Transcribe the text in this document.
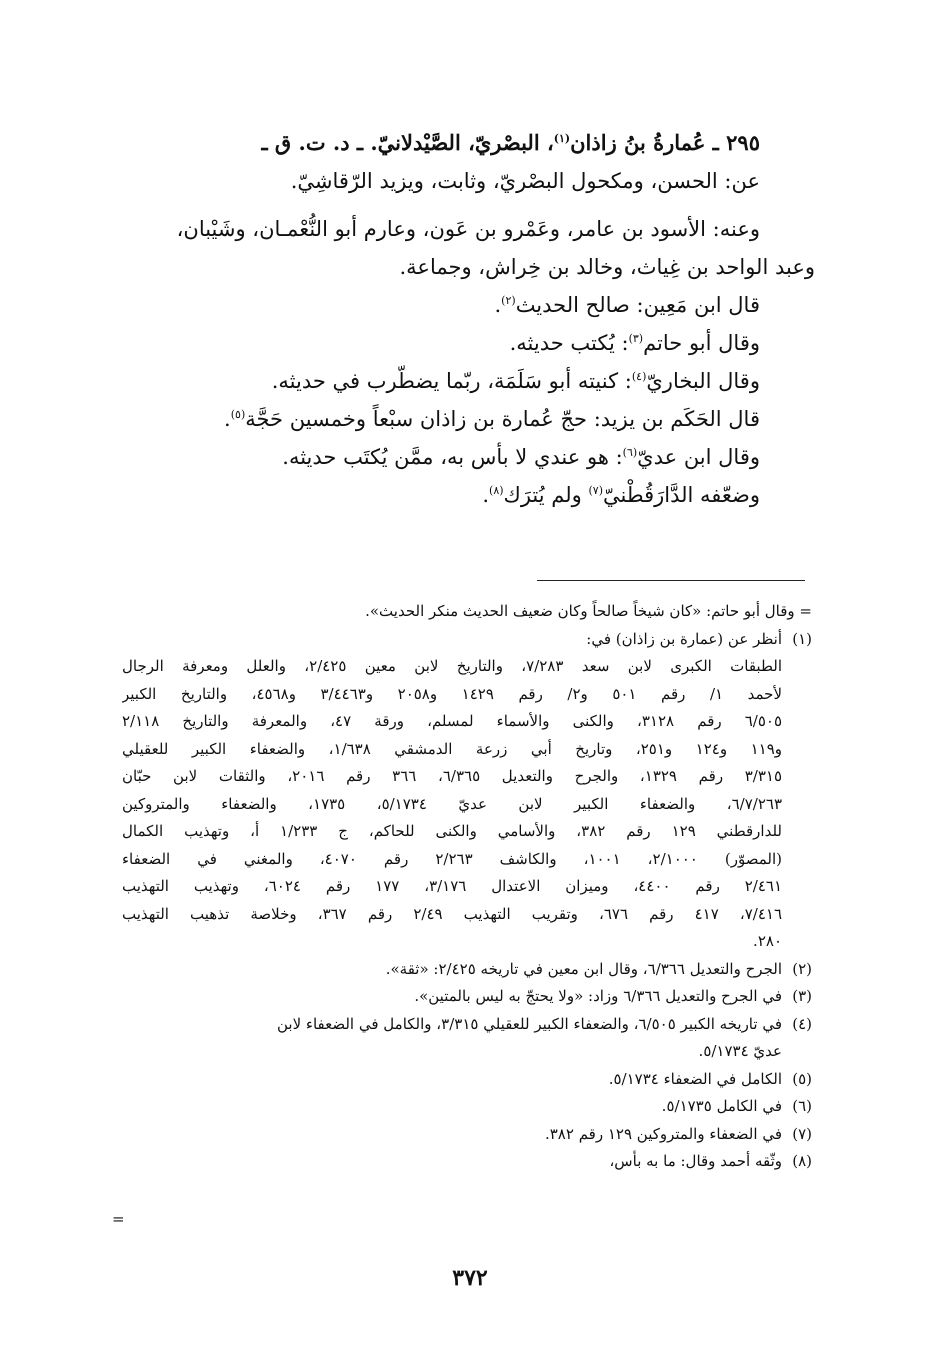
٢٩٥ ـ عُمارةُ بنُ زاذان$^{(١)}$، البصْريّ، الصَّيْدلانيّ. ـ د. ت. ق ـ
عن: الحسن، ومكحول البصْريّ، وثابت، ويزيد الرّقاشِيّ.
وعنه: الأسود بن عامر، وعَمْرو بن عَون، وعارم أبو النُّعْمـان، وشَيْبان،
وعبد الواحد بن غِياث، وخالد بن خِراش، وجماعة.
قال ابن مَعِين: صالح الحديث$^{(٢)}$.
وقال أبو حاتم$^{(٣)}$: يُكتب حديثه.
وقال البخاريّ$^{(٤)}$: كنيته أبو سَلَمَة، ربّما يضطّرب في حديثه.
قال الحَكَم بن يزيد: حجّ عُمارة بن زاذان سبْعاً وخمسين حَجَّة$^{(٥)}$.
وقال ابن عديّ$^{(٦)}$: هو عندي لا بأس به، ممَّن يُكتَب حديثه.
وضعّفه الدَّارَقُطْنيّ$^{(٧)}$ ولم يُترَك$^{(٨)}$.
= وقال أبو حاتم: «كان شيخاً صالحاً وكان ضعيف الحديث منكر الحديث».
(١)أنظر عن (عمارة بن زاذان) في:
الطبقات الكبرى لابن سعد ٧/٢٨٣، والتاريخ لابن معين ٢/٤٢٥، والعلل ومعرفة الرجال
لأحمد ١/ رقم ٥٠١ و٢/ رقم ١٤٢٩ و٢٠٥٨ و٣/٤٤٦٣ و٤٥٦٨، والتاريخ الكبير
٦/٥٠٥ رقم ٣١٢٨، والكنى والأسماء لمسلم، ورقة ٤٧، والمعرفة والتاريخ ٢/١١٨
و١١٩ و١٢٤ و٢٥١، وتاريخ أبي زرعة الدمشقي ١/٦٣٨، والضعفاء الكبير للعقيلي
٣/٣١٥ رقم ١٣٢٩، والجرح والتعديل ٦/٣٦٥، ٣٦٦ رقم ٢٠١٦، والثقات لابن حبّان
٦/٧/٢٦٣، والضعفاء الكبير لابن عديّ ٥/١٧٣٤، ١٧٣٥، والضعفاء والمتروكين
للدارقطني ١٢٩ رقم ٣٨٢، والأسامي والكنى للحاكم، ج ١/٢٣٣ أ، وتهذيب الكمال
(المصوّر) ٢/١٠٠٠، ١٠٠١، والكاشف ٢/٢٦٣ رقم ٤٠٧٠، والمغني في الضعفاء
٢/٤٦١ رقم ٤٤٠٠، وميزان الاعتدال ٣/١٧٦، ١٧٧ رقم ٦٠٢٤، وتهذيب التهذيب
٧/٤١٦، ٤١٧ رقم ٦٧٦، وتقريب التهذيب ٢/٤٩ رقم ٣٦٧، وخلاصة تذهيب التهذيب
٢٨٠.
(٢)الجرح والتعديل ٦/٣٦٦، وقال ابن معين في تاريخه ٢/٤٢٥: «ثقة».
(٣)في الجرح والتعديل ٦/٣٦٦ وزاد: «ولا يحتجّ به ليس بالمتين».
(٤)في تاريخه الكبير ٦/٥٠٥، والضعفاء الكبير للعقيلي ٣/٣١٥، والكامل في الضعفاء لابن
عديّ ٥/١٧٣٤.
(٥)الكامل في الضعفاء ٥/١٧٣٤.
(٦)في الكامل ٥/١٧٣٥.
(٧)في الضعفاء والمتروكين ١٢٩ رقم ٣٨٢.
(٨)وثّقه أحمد وقال: ما به بأس،
=
٣٧٢
